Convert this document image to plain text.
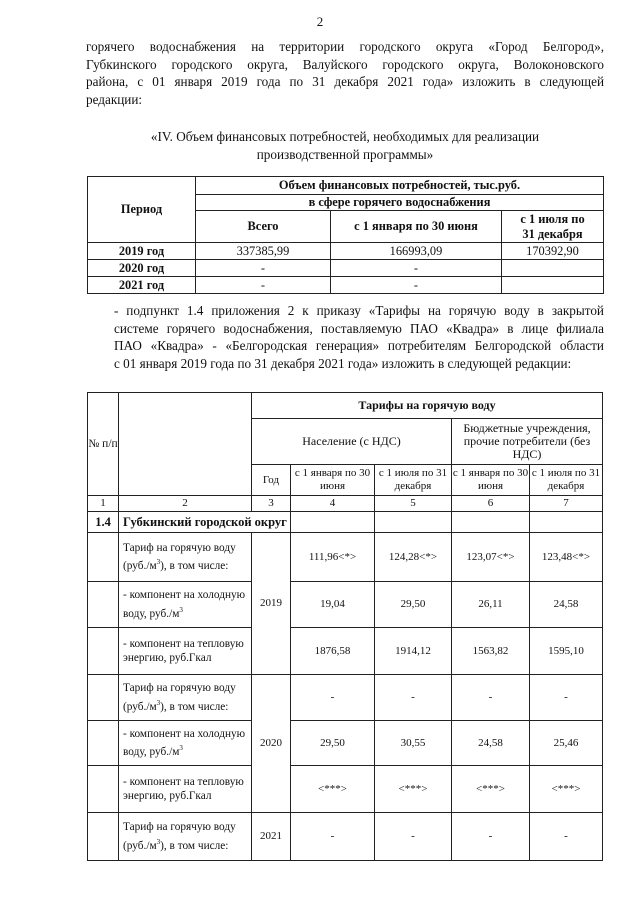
2
горячего водоснабжения на территории городского округа «Город Белгород»,
Губкинского городского округа, Валуйского городского округа, Волоконовского
района, с 01 января 2019 года по 31 декабря 2021 года» изложить в следующей
редакции:
«IV. Объем финансовых потребностей, необходимых для реализации
производственной программы»
Период	Объем финансовых потребностей, тыс.руб.		
	в сфере горячего водоснабжения		
	Всего	с 1 января по 30 июня	с 1 июля по 31 декабря
2019 год	337385,99	166993,09	170392,90
2020 год	-	-	
2021 год	-	-	
- подпункт 1.4 приложения 2 к приказу «Тарифы на горячую воду в закрытой
системе горячего водоснабжения, поставляемую ПАО «Квадра» в лице филиала
ПАО «Квадра» - «Белгородская генерация» потребителям Белгородской области
с 01 января 2019 года по 31 декабря 2021 года» изложить в следующей редакции:
№ п/п		Тарифы на горячую воду				
		Население (с НДС)			Бюджетные учреждения, прочие потребители (без НДС)	
		Год	с 1 января по 30 июня	с 1 июля по 31 декабря	с 1 января по 30 июня	с 1 июля по 31 декабря
1	2	3	4	5	6	7
1.4	Губкинский городской округ					
	Тариф на горячую воду $(руб./м^3)$, в том числе:	2019	111,96<*>	124,28<*>	123,07<*>	123,48<*>
	- компонент на холодную воду, $руб./м^3$		19,04	29,50	26,11	24,58
	- компонент на тепловую энергию, руб.Гкал		1876,58	1914,12	1563,82	1595,10
	Тариф на горячую воду $(руб./м^3)$, в том числе:	2020	-	-	-	-
	- компонент на холодную воду, $руб./м^3$		29,50	30,55	24,58	25,46
	- компонент на тепловую энергию, руб.Гкал		<***>	<***>	<***>	<***>
	Тариф на горячую воду $(руб./м^3)$, в том числе:	2021	-	-	-	-
